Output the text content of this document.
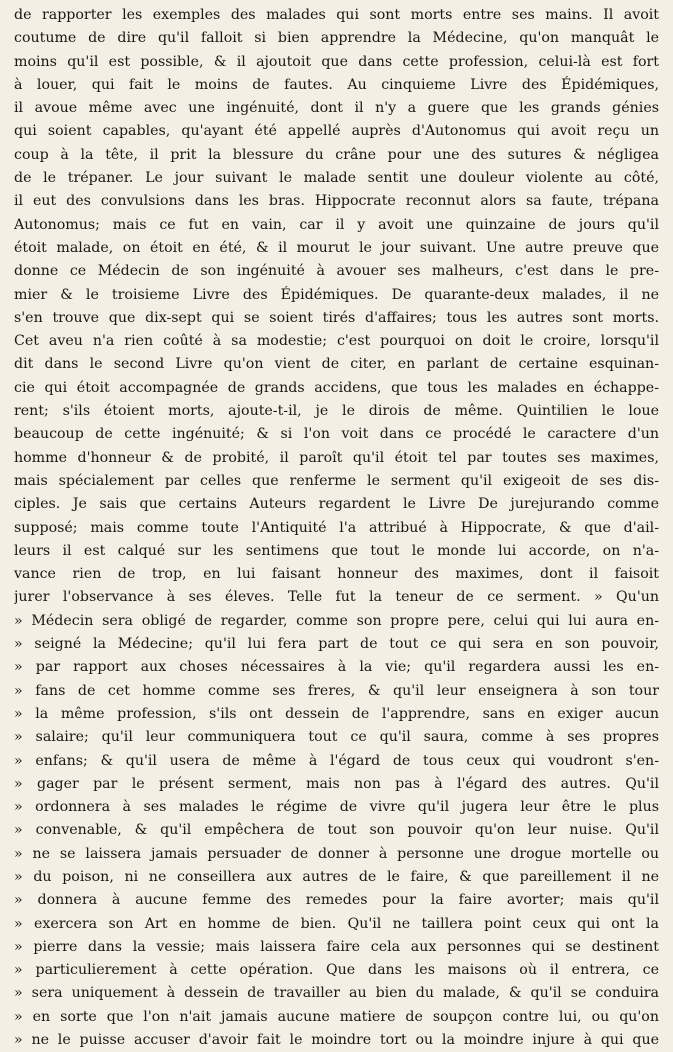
de rapporter les exemples des malades qui sont morts entre ses mains. Il avoit
coutume de dire qu'il falloit si bien apprendre la Médecine, qu'on manquât le
moins qu'il est possible, & il ajoutoit que dans cette profession, celui-là est fort
à louer, qui fait le moins de fautes. Au cinquieme Livre des Épidémiques,
il avoue même avec une ingénuité, dont il n'y a guere que les grands génies
qui soient capables, qu'ayant été appellé auprès d'Autonomus qui avoit reçu un
coup à la tête, il prit la blessure du crâne pour une des sutures & négligea
de le trépaner. Le jour suivant le malade sentit une douleur violente au côté,
il eut des convulsions dans les bras. Hippocrate reconnut alors sa faute, trépana
Autonomus; mais ce fut en vain, car il y avoit une quinzaine de jours qu'il
étoit malade, on étoit en été, & il mourut le jour suivant. Une autre preuve que
donne ce Médecin de son ingénuité à avouer ses malheurs, c'est dans le pre-
mier & le troisieme Livre des Épidémiques. De quarante-deux malades, il ne
s'en trouve que dix-sept qui se soient tirés d'affaires; tous les autres sont morts.
Cet aveu n'a rien coûté à sa modestie; c'est pourquoi on doit le croire, lorsqu'il
dit dans le second Livre qu'on vient de citer, en parlant de certaine esquinan-
cie qui étoit accompagnée de grands accidens, que tous les malades en échappe-
rent; s'ils étoient morts, ajoute-t-il, je le dirois de même. Quintilien le loue
beaucoup de cette ingénuité; & si l'on voit dans ce procédé le caractere d'un
homme d'honneur & de probité, il paroît qu'il étoit tel par toutes ses maximes,
mais spécialement par celles que renferme le serment qu'il exigeoit de ses dis-
ciples. Je sais que certains Auteurs regardent le Livre De jurejurando comme
supposé; mais comme toute l'Antiquité l'a attribué à Hippocrate, & que d'ail-
leurs il est calqué sur les sentimens que tout le monde lui accorde, on n'a-
vance rien de trop, en lui faisant honneur des maximes, dont il faisoit
jurer l'observance à ses éleves. Telle fut la teneur de ce serment. » Qu'un
» Médecin sera obligé de regarder, comme son propre pere, celui qui lui aura en-
» seigné la Médecine; qu'il lui fera part de tout ce qui sera en son pouvoir,
» par rapport aux choses nécessaires à la vie; qu'il regardera aussi les en-
» fans de cet homme comme ses freres, & qu'il leur enseignera à son tour
» la même profession, s'ils ont dessein de l'apprendre, sans en exiger aucun
» salaire; qu'il leur communiquera tout ce qu'il saura, comme à ses propres
» enfans; & qu'il usera de même à l'égard de tous ceux qui voudront s'en-
» gager par le présent serment, mais non pas à l'égard des autres. Qu'il
» ordonnera à ses malades le régime de vivre qu'il jugera leur être le plus
» convenable, & qu'il empêchera de tout son pouvoir qu'on leur nuise. Qu'il
» ne se laissera jamais persuader de donner à personne une drogue mortelle ou
» du poison, ni ne conseillera aux autres de le faire, & que pareillement il ne
» donnera à aucune femme des remedes pour la faire avorter; mais qu'il
» exercera son Art en homme de bien. Qu'il ne taillera point ceux qui ont la
» pierre dans la vessie; mais laissera faire cela aux personnes qui se destinent
» particulierement à cette opération. Que dans les maisons où il entrera, ce
» sera uniquement à dessein de travailler au bien du malade, & qu'il se conduira
» en sorte que l'on n'ait jamais aucune matiere de soupçon contre lui, ou qu'on
» ne le puisse accuser d'avoir fait le moindre tort ou la moindre injure à qui que
